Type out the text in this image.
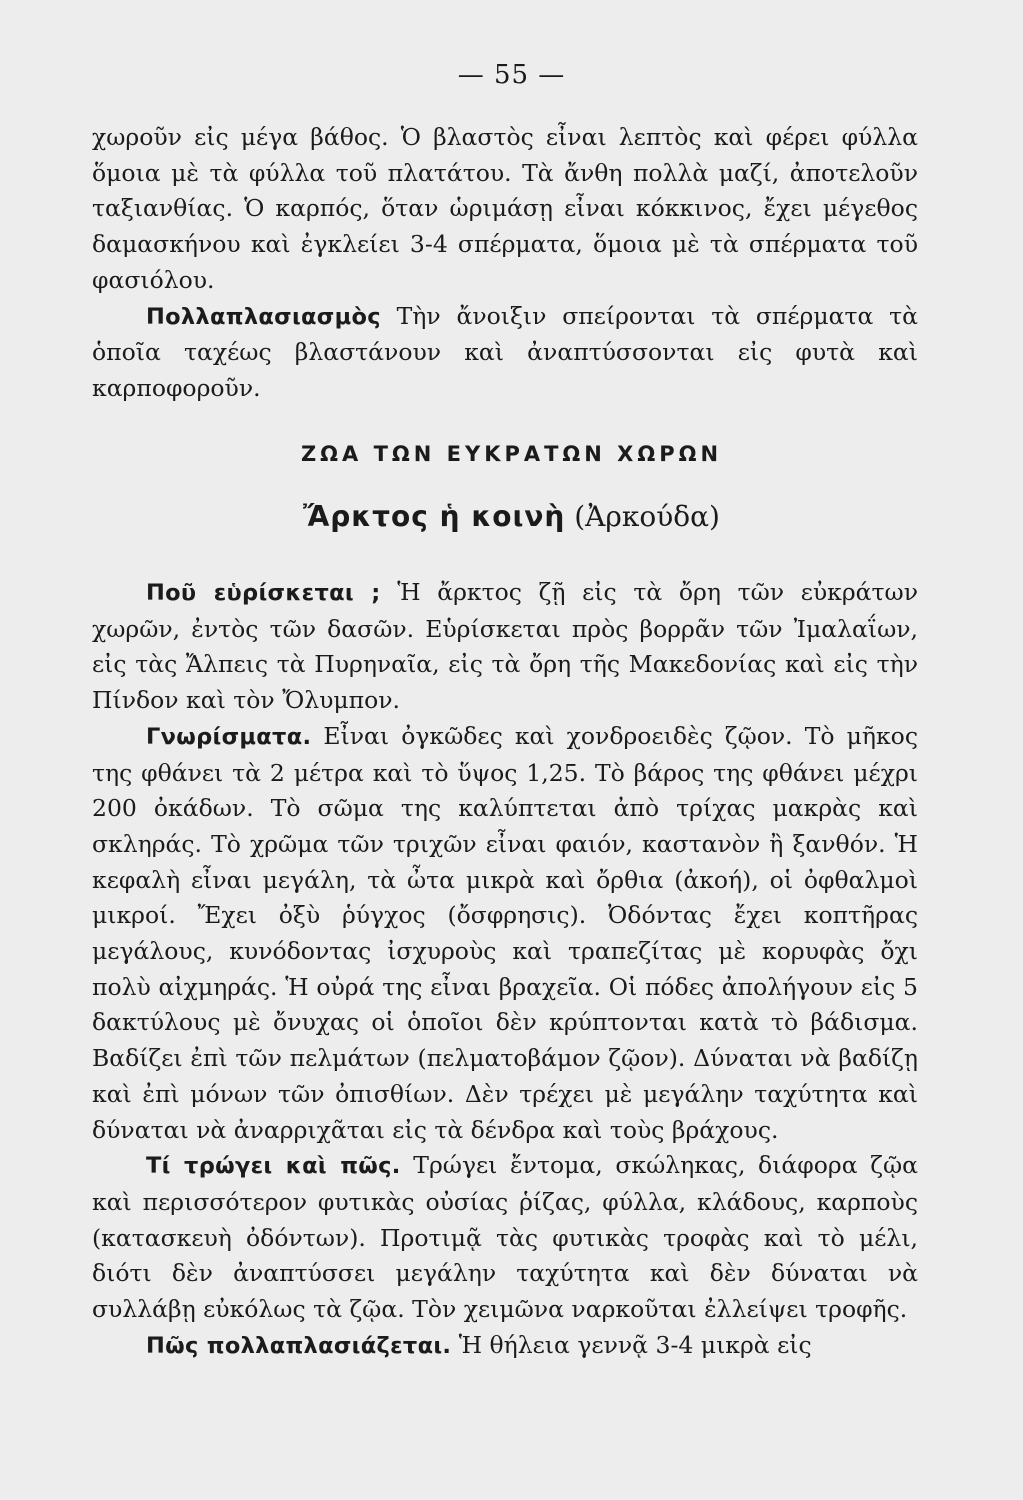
— 55 —

χωροῦν εἰς μέγα βάθος. Ὁ βλαστὸς εἶναι λεπτὸς καὶ φέρει φύλλα ὅμοια μὲ τὰ φύλλα τοῦ πλατάτου. Τὰ ἄνθη πολλὰ μαζί, ἀποτελοῦν ταξιανθίας. Ὁ καρπός, ὅταν ὡριμάσῃ εἶναι κόκκινος, ἔχει μέγεθος δαμασκήνου καὶ ἐγκλείει 3-4 σπέρματα, ὅμοια μὲ τὰ σπέρματα τοῦ φασιόλου.

Πολλαπλασιασμὸς Τὴν ἄνοιξιν σπείρονται τὰ σπέρματα τὰ ὁποῖα ταχέως βλαστάνουν καὶ ἀναπτύσσονται εἰς φυτὰ καὶ καρποφοροῦν.

ΖΩΑ ΤΩΝ ΕΥΚΡΑΤΩΝ ΧΩΡΩΝ
Ἄρκτος ἡ κοινὴ (Ἀρκούδα)

Ποῦ εὑρίσκεται ; Ἡ ἄρκτος ζῇ εἰς τὰ ὄρη τῶν εὐκράτων χωρῶν, ἐντὸς τῶν δασῶν. Εὑρίσκεται πρὸς βορρᾶν τῶν Ἰμαλαΐων, εἰς τὰς Ἄλπεις τὰ Πυρηναῖα, εἰς τὰ ὄρη τῆς Μακεδονίας καὶ εἰς τὴν Πίνδον καὶ τὸν Ὄλυμπον.

Γνωρίσματα. Εἶναι ὀγκῶδες καὶ χονδροειδὲς ζῷον. Τὸ μῆκος της φθάνει τὰ 2 μέτρα καὶ τὸ ὕψος 1,25. Τὸ βάρος της φθάνει μέχρι 200 ὀκάδων. Τὸ σῶμα της καλύπτεται ἀπὸ τρίχας μακρὰς καὶ σκληράς. Τὸ χρῶμα τῶν τριχῶν εἶναι φαιόν, καστανὸν ἢ ξανθόν. Ἡ κεφαλὴ εἶναι μεγάλη, τὰ ὦτα μικρὰ καὶ ὄρθια (ἀκοή), οἱ ὀφθαλμοὶ μικροί. Ἔχει ὀξὺ ῥύγχος (ὄσφρησις). Ὀδόντας ἔχει κοπτῆρας μεγάλους, κυνόδοντας ἰσχυροὺς καὶ τραπεζίτας μὲ κορυφὰς ὄχι πολὺ αἰχμηράς. Ἡ οὐρά της εἶναι βραχεῖα. Οἱ πόδες ἀπολήγουν εἰς 5 δακτύλους μὲ ὄνυχας οἱ ὁποῖοι δὲν κρύπτονται κατὰ τὸ βάδισμα. Βαδίζει ἐπὶ τῶν πελμάτων (πελματοβάμον ζῷον). Δύναται νὰ βαδίζῃ καὶ ἐπὶ μόνων τῶν ὀπισθίων. Δὲν τρέχει μὲ μεγάλην ταχύτητα καὶ δύναται νὰ ἀναρριχᾶται εἰς τὰ δένδρα καὶ τοὺς βράχους.

Τί τρώγει καὶ πῶς. Τρώγει ἔντομα, σκώληκας, διάφορα ζῷα καὶ περισσότερον φυτικὰς οὐσίας ῥίζας, φύλλα, κλάδους, καρποὺς (κατασκευὴ ὀδόντων). Προτιμᾷ τὰς φυτικὰς τροφὰς καὶ τὸ μέλι, διότι δὲν ἀναπτύσσει μεγάλην ταχύτητα καὶ δὲν δύναται νὰ συλλάβῃ εὐκόλως τὰ ζῷα. Τὸν χειμῶνα ναρκοῦται ἐλλείψει τροφῆς.

Πῶς πολλαπλασιάζεται. Ἡ θήλεια γεννᾷ 3-4 μικρὰ εἰς
